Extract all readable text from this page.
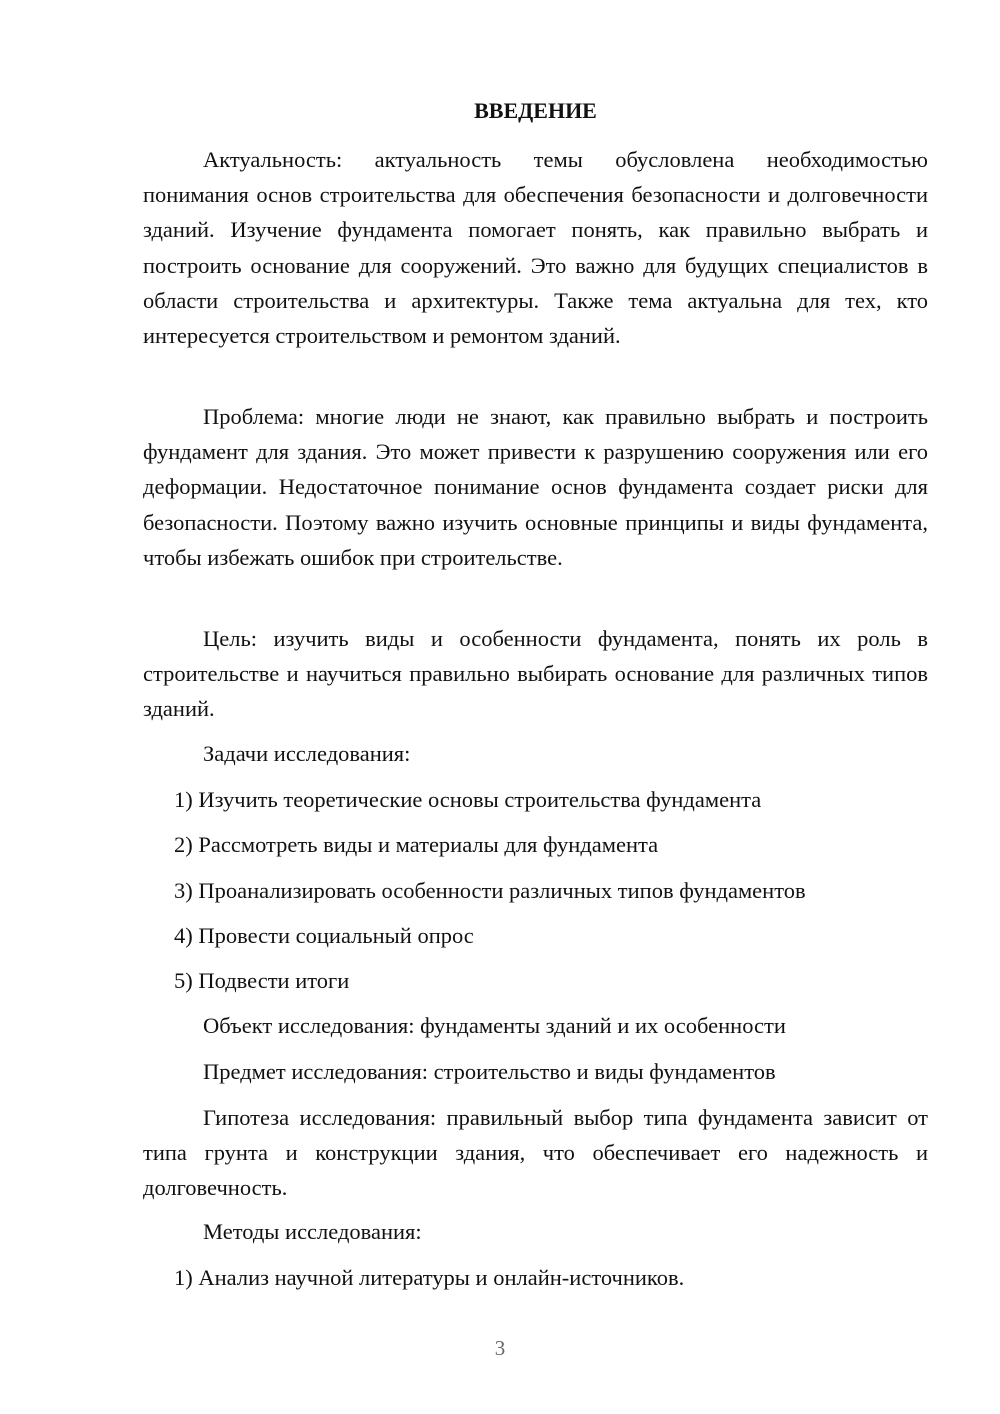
ВВЕДЕНИЕ

Актуальность: актуальность темы обусловлена необходимостью понимания основ строительства для обеспечения безопасности и долговечности зданий. Изучение фундамента помогает понять, как правильно выбрать и построить основание для сооружений. Это важно для будущих специалистов в области строительства и архитектуры. Также тема актуальна для тех, кто интересуется строительством и ремонтом зданий.

Проблема: многие люди не знают, как правильно выбрать и построить фундамент для здания. Это может привести к разрушению сооружения или его деформации. Недостаточное понимание основ фундамента создает риски для безопасности. Поэтому важно изучить основные принципы и виды фундамента, чтобы избежать ошибок при строительстве.

Цель: изучить виды и особенности фундамента, понять их роль в строительстве и научиться правильно выбирать основание для различных типов зданий.

Задачи исследования:

1) Изучить теоретические основы строительства фундамента

2) Рассмотреть виды и материалы для фундамента

3) Проанализировать особенности различных типов фундаментов

4) Провести социальный опрос

5) Подвести итоги

Объект исследования: фундаменты зданий и их особенности

Предмет исследования: строительство и виды фундаментов

Гипотеза исследования: правильный выбор типа фундамента зависит от типа грунта и конструкции здания, что обеспечивает его надежность и долговечность.

Методы исследования:

1) Анализ научной литературы и онлайн-источников.

3
